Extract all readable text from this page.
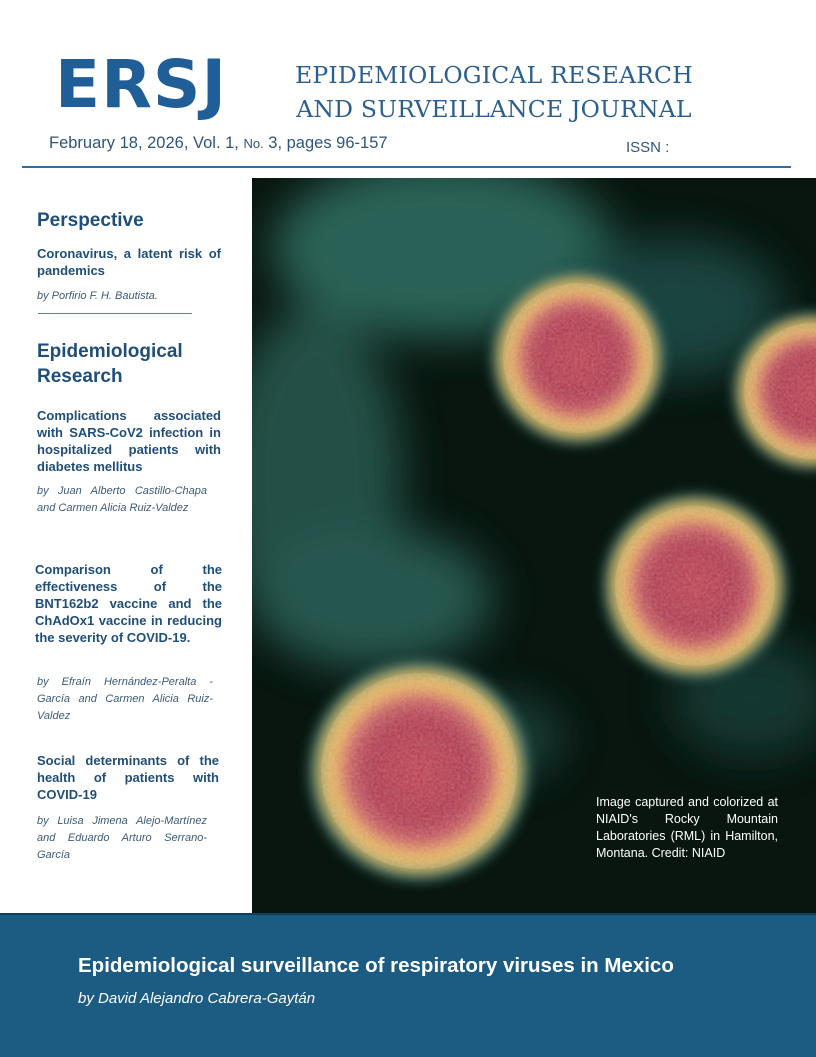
ERSJ	EPIDEMIOLOGICAL RESEARCH
AND SURVEILLANCE JOURNAL
February 18, 2026, Vol. 1, No. 3, pages 96-157	ISSN :
Perspective
Coronavirus, a latent risk of pandemics
by Porfirio F. H. Bautista.
Epidemiological Research
Complications associated with SARS-CoV2 infection in hospitalized patients with diabetes mellitus
by Juan Alberto Castillo-Chapa and Carmen Alicia Ruiz-Valdez
Comparison of the effectiveness of the BNT162b2 vaccine and the ChAdOx1 vaccine in reducing the severity of COVID-19.
by Efraín Hernández-Peralta - García and Carmen Alicia Ruiz-Valdez
Social determinants of the health of patients with COVID-19
by Luisa Jimena Alejo-Martínez and Eduardo Arturo Serrano-García
Image captured and colorized at NIAID's Rocky Mountain Laboratories (RML) in Hamilton, Montana. Credit: NIAID
Epidemiological surveillance of respiratory viruses in Mexico
by David Alejandro Cabrera-Gaytán
